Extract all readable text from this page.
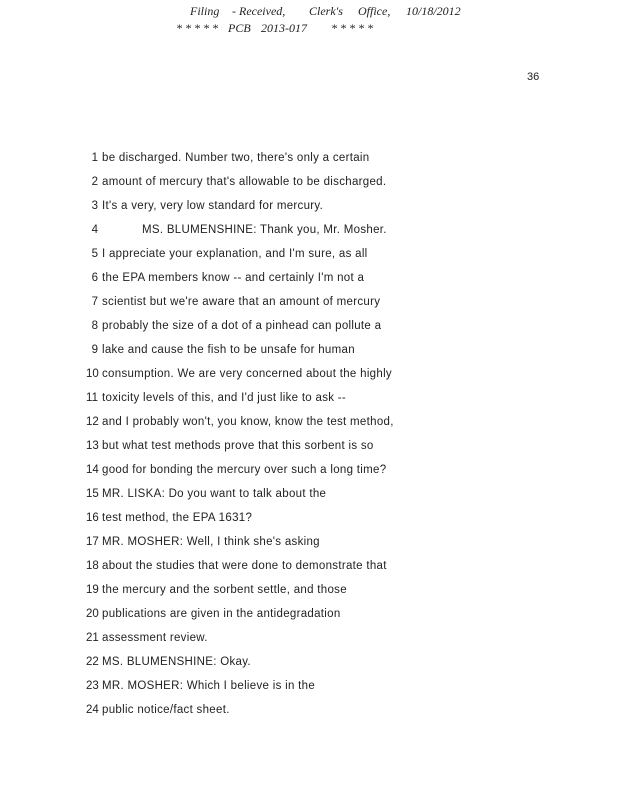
Filing - Received, Clerk's Office, 10/18/2012
* * * * * PCB 2013-017 * * * * *
36
1 be discharged. Number two, there's only a certain
2 amount of mercury that's allowable to be discharged.
3 It's a very, very low standard for mercury.
4	MS. BLUMENSHINE: Thank you, Mr. Mosher.
5 I appreciate your explanation, and I'm sure, as all
6 the EPA members know -- and certainly I'm not a
7 scientist but we're aware that an amount of mercury
8 probably the size of a dot of a pinhead can pollute a
9 lake and cause the fish to be unsafe for human
10 consumption. We are very concerned about the highly
11 toxicity levels of this, and I'd just like to ask --
12 and I probably won't, you know, know the test method,
13 but what test methods prove that this sorbent is so
14 good for bonding the mercury over such a long time?
15 MR. LISKA: Do you want to talk about the
16 test method, the EPA 1631?
17 MR. MOSHER: Well, I think she's asking
18 about the studies that were done to demonstrate that
19 the mercury and the sorbent settle, and those
20 publications are given in the antidegradation
21 assessment review.
22 MS. BLUMENSHINE: Okay.
23 MR. MOSHER: Which I believe is in the
24 public notice/fact sheet.
